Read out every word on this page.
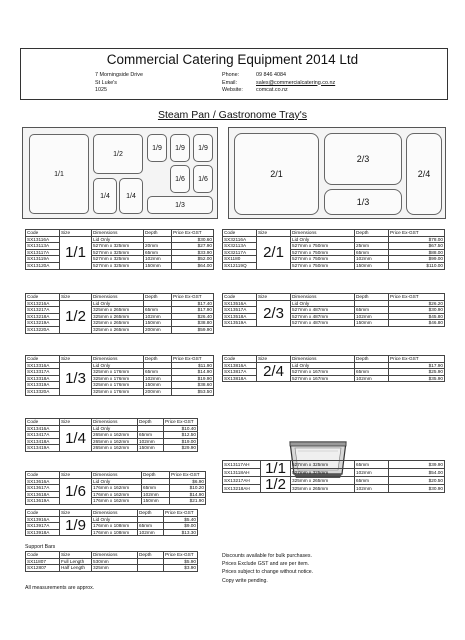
Commercial Catering Equipment 2014 Ltd
7 Morningside Drive
St Luke's
1025
Phone:	09 846 4084
Email:	sales@commercialcatering.co.nz
Website: comcat.co.nz
Steam Pan / Gastronome Tray's
1/1
1/2
1/9	1/9	1/9
1/6	1/6
1/4	1/4
1/3
2/1
2/3
2/4
1/3
Code	Size	Dimensions	Depth	Price Ex-GST
SX13116A	1/1	Lid Only		$30.60
SX13113A		527mm x 325mm	20mm	$27.90
SX13117A		527mm x 325mm	65mm	$33.90
SX13119A		527mm x 325mm	102mm	$52.00
SX13120A		527mm x 325mm	150mm	$64.00
Code	Size	Dimensions	Depth	Price Ex-GST
SX32116A	2/1	Lid Only		$78.00
SX32113A		527mm x 750mm	25mm	$67.50
SX32117A		527mm x 750mm	65mm	$88.00
SX1180		527mm x 750mm	102mm	$99.00
SX12119Q		527mm x 750mm	150mm	$110.00
Code	Size	Dimensions	Depth	Price Ex-GST
SX13216A	1/2	Lid Only		$17.40
SX13217A		325mm x 265mm	65mm	$17.90
SX13218A		325mm x 265mm	102mm	$26.40
SX13219A		325mm x 265mm	150mm	$38.80
SX13220A		325mm x 265mm	200mm	$59.90
Code	Size	Dimensions	Depth	Price Ex-GST
SX13516A	2/3	Lid Only		$26.20
SX13517A		527mm x 487mm	65mm	$30.90
SX13518A		527mm x 487mm	102mm	$45.80
SX13519A		527mm x 487mm	150mm	$46.80
Code	Size	Dimensions	Depth	Price Ex-GST
SX13316A	1/3	Lid Only		$11.90
SX13317A		325mm x 176mm	65mm	$14.90
SX13318A		325mm x 176mm	102mm	$19.90
SX13319A		325mm x 176mm	150mm	$38.60
SX13320A		325mm x 176mm	200mm	$53.50
Code	Size	Dimensions	Depth	Price Ex-GST
SX13816A	2/4	Lid Only		$17.90
SX13817A		527mm x 167mm	65mm	$25.90
SX13818A		527mm x 167mm	102mm	$35.90
Code	Size	Dimensions	Depth	Price Ex-GST
SX13416A	1/4	Lid Only		$10.40
SX13417A		265mm x 162mm	65mm	$12.50
SX13418A		265mm x 162mm	102mm	$19.00
SX13419A		265mm x 162mm	150mm	$29.90
Code	Size	Dimensions	Depth	Price Ex-GST
SX13616A	1/6	Lid Only		$6.90
SX13617A		176mm x 162mm	65mm	$10.20
SX13618A		176mm x 162mm	102mm	$14.90
SX13619A		176mm x 162mm	150mm	$21.90
SX13117AH	1/1	527mm x 325mm	65mm	$39.90
SX13118AH		527mm x 325mm	102mm	$54.00
SX13217AH	1/2	325mm x 265mm	65mm	$20.50
SX13218AH		325mm x 265mm	102mm	$30.90
Code	Size	Dimensions	Depth	Price Ex-GST
SX13916A	1/9	Lid Only		$5.40
SX13917A		176mm x 108mm	65mm	$9.00
SX13918A		176mm x 108mm	102mm	$13.30
Support Bars
Code	Size	Dimensions	Depth	Price Ex-GST
SX11807	Full Length	530mm		$5.90
SX12807	Half Length	325mm		$3.90
All measurements are approx.
Discounts available for bulk purchases.
Prices Exclude GST and are per item.
Prices subject to change without notice.
Copy write pending.
